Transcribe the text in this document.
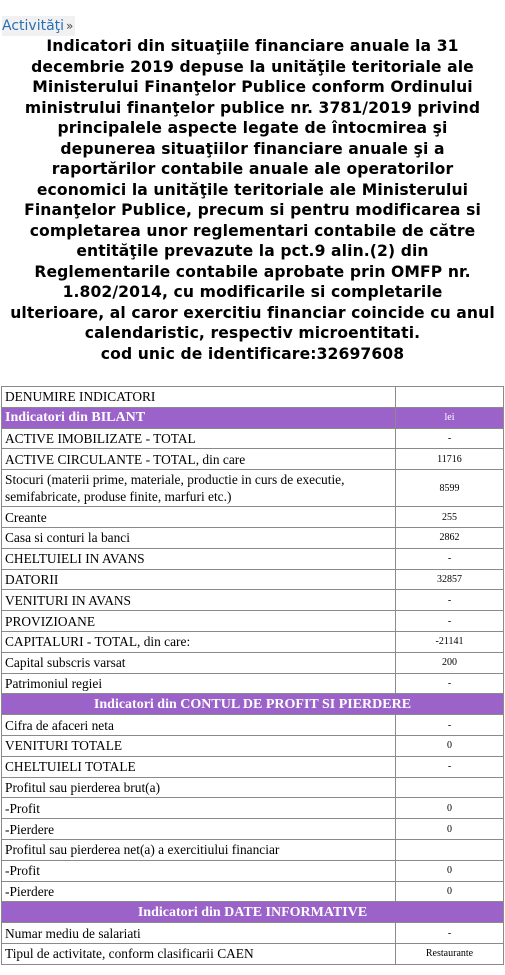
Activităţi »
Indicatori din situaţiile financiare anuale la 31
decembrie 2019 depuse la unităţile teritoriale ale
Ministerului Finanţelor Publice conform Ordinului
ministrului finanţelor publice nr. 3781/2019 privind
principalele aspecte legate de întocmirea şi
depunerea situaţiilor financiare anuale şi a
raportărilor contabile anuale ale operatorilor
economici la unităţile teritoriale ale Ministerului
Finanţelor Publice, precum si pentru modificarea si
completarea unor reglementari contabile de către
entităţile prevazute la pct.9 alin.(2) din
Reglementarile contabile aprobate prin OMFP nr.
1.802/2014, cu modificarile si completarile
ulterioare, al caror exercitiu financiar coincide cu anul
calendaristic, respectiv microentitati.
cod unic de identificare:32697608
DENUMIRE INDICATORI	
Indicatori din BILANT	lei
ACTIVE IMOBILIZATE - TOTAL	-
ACTIVE CIRCULANTE - TOTAL, din care	11716
Stocuri (materii prime, materiale, productie in curs de executie, semifabricate, produse finite, marfuri etc.)	8599
Creante	255
Casa si conturi la banci	2862
CHELTUIELI IN AVANS	-
DATORII	32857
VENITURI IN AVANS	-
PROVIZIOANE	-
CAPITALURI - TOTAL, din care:	-21141
Capital subscris varsat	200
Patrimoniul regiei	-
Indicatori din CONTUL DE PROFIT SI PIERDERE	
Cifra de afaceri neta	-
VENITURI TOTALE	0
CHELTUIELI TOTALE	-
Profitul sau pierderea brut(a)	
-Profit	0
-Pierdere	0
Profitul sau pierderea net(a) a exercitiului financiar	
-Profit	0
-Pierdere	0
Indicatori din DATE INFORMATIVE	
Numar mediu de salariati	-
Tipul de activitate, conform clasificarii CAEN	Restaurante
